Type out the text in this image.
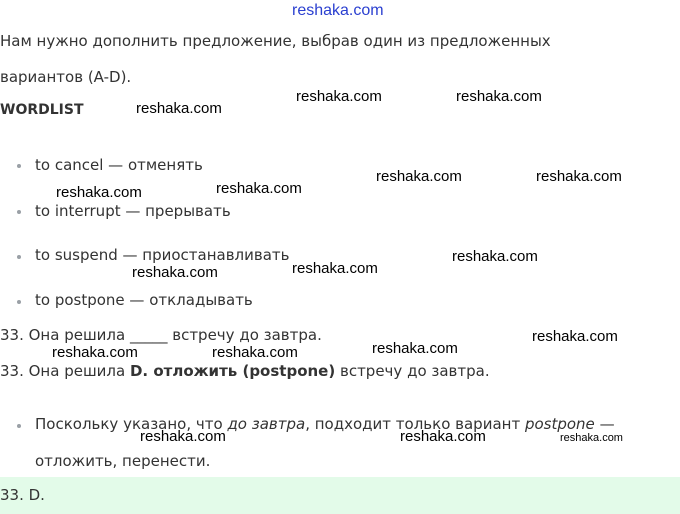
reshaka.com
Нам нужно дополнить предложение, выбрав один из предложенных
вариантов (A-D).
WORDLIST
to cancel — отменять
to interrupt — прерывать
to suspend — приостанавливать
to postpone — откладывать
33. Она решила _____ встречу до завтра.
33. Она решила D. отложить (postpone) встречу до завтра.
Поскольку указано, что до завтра, подходит только вариант postpone —
отложить, перенести.
33. D.
reshaka.com
reshaka.com	reshaka.com
reshaka.com	reshaka.com
reshaka.com	reshaka.com
reshaka.com	reshaka.com
reshaka.com
reshaka.com	reshaka.com	reshaka.com
reshaka.com
reshaka.com	reshaka.com	reshaka.com
